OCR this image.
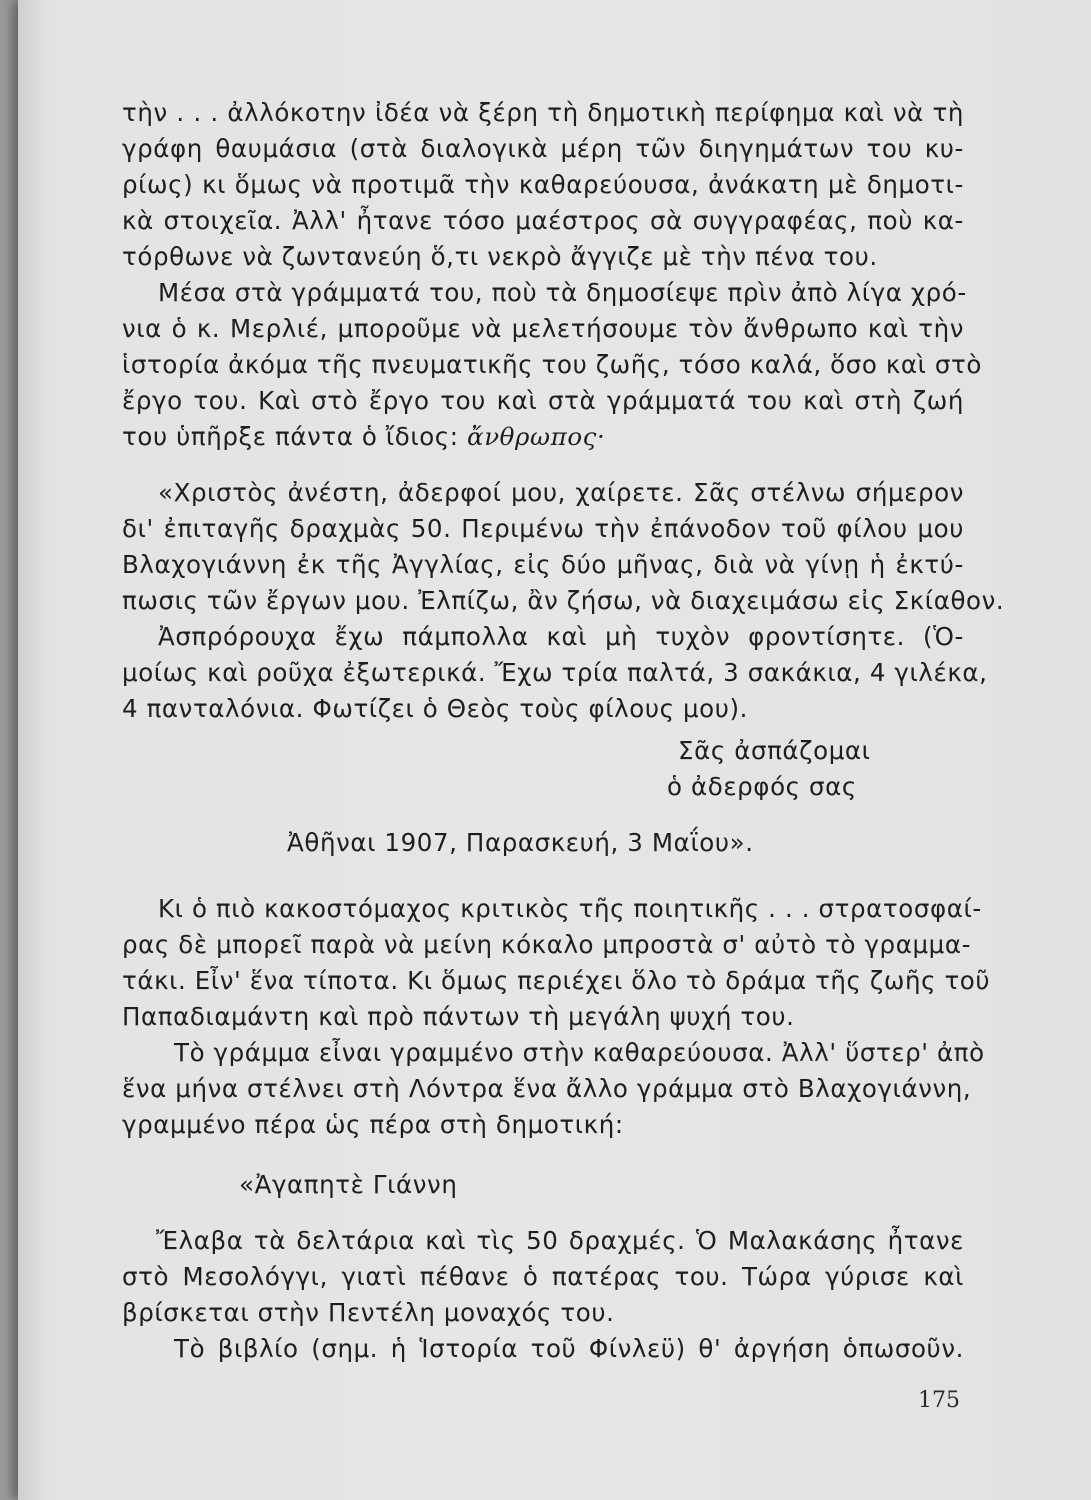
τὴν . . . ἀλλόκοτην ἰδέα νὰ ξέρη τὴ δημοτικὴ περίφημα καὶ νὰ τὴ
γράφη θαυμάσια (στὰ διαλογικὰ μέρη τῶν διηγημάτων του κυ-
ρίως) κι ὅμως νὰ προτιμᾶ τὴν καθαρεύουσα, ἀνάκατη μὲ δημοτι-
κὰ στοιχεῖα. Ἀλλ' ἦτανε τόσο μαέστρος σὰ συγγραφέας, ποὺ κα-
τόρθωνε νὰ ζωντανεύη ὅ,τι νεκρὸ ἄγγιζε μὲ τὴν πένα του.
Μέσα στὰ γράμματά του, ποὺ τὰ δημοσίεψε πρὶν ἀπὸ λίγα χρό-
νια ὁ κ. Μερλιέ, μποροῦμε νὰ μελετήσουμε τὸν ἄνθρωπο καὶ τὴν
ἱστορία ἀκόμα τῆς πνευματικῆς του ζωῆς, τόσο καλά, ὅσο καὶ στὸ
ἔργο του. Καὶ στὸ ἔργο του καὶ στὰ γράμματά του καὶ στὴ ζωή
του ὑπῆρξε πάντα ὁ ἴδιος: ἄνθρωπος·
«Χριστὸς ἀνέστη, ἀδερφοί μου, χαίρετε. Σᾶς στέλνω σήμερον
δι' ἐπιταγῆς δραχμὰς 50. Περιμένω τὴν ἐπάνοδον τοῦ φίλου μου
Βλαχογιάννη ἐκ τῆς Ἀγγλίας, εἰς δύο μῆνας, διὰ νὰ γίνῃ ἡ ἐκτύ-
πωσις τῶν ἔργων μου. Ἐλπίζω, ἂν ζήσω, νὰ διαχειμάσω εἰς Σκίαθον.
Ἀσπρόρουχα ἔχω πάμπολλα καὶ μὴ τυχὸν φροντίσητε. (Ὁ-
μοίως καὶ ροῦχα ἐξωτερικά. Ἔχω τρία παλτά, 3 σακάκια, 4 γιλέκα,
4 πανταλόνια. Φωτίζει ὁ Θεὸς τοὺς φίλους μου).
Σᾶς ἀσπάζομαι
ὁ ἀδερφός σας
Ἀθῆναι 1907, Παρασκευή, 3 Μαΐου».
Κι ὁ πιὸ κακοστόμαχος κριτικὸς τῆς ποιητικῆς . . . στρατοσφαί-
ρας δὲ μπορεῖ παρὰ νὰ μείνη κόκαλο μπροστὰ σ' αὐτὸ τὸ γραμμα-
τάκι. Εἶν' ἕνα τίποτα. Κι ὅμως περιέχει ὅλο τὸ δράμα τῆς ζωῆς τοῦ
Παπαδιαμάντη καὶ πρὸ πάντων τὴ μεγάλη ψυχή του.
Τὸ γράμμα εἶναι γραμμένο στὴν καθαρεύουσα. Ἀλλ' ὕστερ' ἀπὸ
ἕνα μήνα στέλνει στὴ Λόντρα ἕνα ἄλλο γράμμα στὸ Βλαχογιάννη,
γραμμένο πέρα ὡς πέρα στὴ δημοτική:
«Ἀγαπητὲ Γιάννη
Ἔλαβα τὰ δελτάρια καὶ τὶς 50 δραχμές. Ὁ Μαλακάσης ἦτανε
στὸ Μεσολόγγι, γιατὶ πέθανε ὁ πατέρας του. Τώρα γύρισε καὶ
βρίσκεται στὴν Πεντέλη μοναχός του.
Τὸ βιβλίο (σημ. ἡ Ἱστορία τοῦ Φίνλεϋ) θ' ἀργήση ὁπωσοῦν.
175
